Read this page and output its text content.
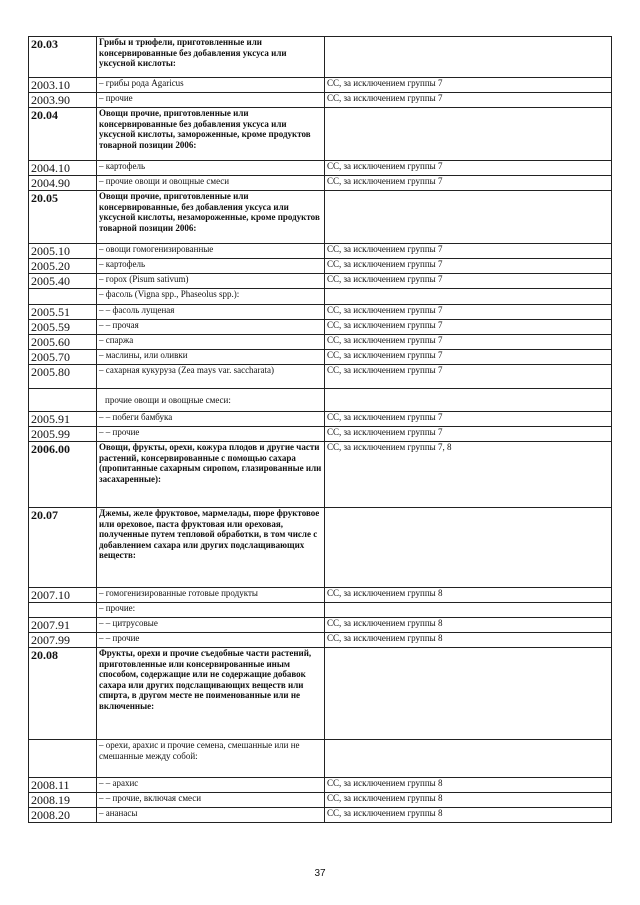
20.03	Грибы и трюфели, приготовленные или консервированные без добавления уксуса или уксусной кислоты:	
2003.10	– грибы рода Agaricus	СС, за исключением группы 7
2003.90	– прочие	СС, за исключением группы 7
20.04	Овощи прочие, приготовленные или консервированные без добавления уксуса или уксусной кислоты, замороженные, кроме продуктов товарной позиции 2006:	
2004.10	– картофель	СС, за исключением группы 7
2004.90	– прочие овощи и овощные смеси	СС, за исключением группы 7
20.05	Овощи прочие, приготовленные или консервированные, без добавления уксуса или уксусной кислоты, незамороженные, кроме продуктов товарной позиции 2006:	
2005.10	– овощи гомогенизированные	СС, за исключением группы 7
2005.20	– картофель	СС, за исключением группы 7
2005.40	– горох (Pisum sativum)	СС, за исключением группы 7
	– фасоль (Vigna spp., Phaseolus spp.):	
2005.51	– – фасоль лущеная	СС, за исключением группы 7
2005.59	– – прочая	СС, за исключением группы 7
2005.60	– спаржа	СС, за исключением группы 7
2005.70	– маслины, или оливки	СС, за исключением группы 7
2005.80	– сахарная кукуруза (Zea mays var. saccharata)	СС, за исключением группы 7
	прочие овощи и овощные смеси:	
2005.91	– – побеги бамбука	СС, за исключением группы 7
2005.99	– – прочие	СС, за исключением группы 7
2006.00	Овощи, фрукты, орехи, кожура плодов и другие части растений, консервированные с помощью сахара (пропитанные сахарным сиропом, глазированные или засахаренные):	СС, за исключением группы 7, 8
20.07	Джемы, желе фруктовое, мармелады, пюре фруктовое или ореховое, паста фруктовая или ореховая, полученные путем тепловой обработки, в том числе с добавлением сахара или других подслащивающих веществ:	
2007.10	– гомогенизированные готовые продукты	СС, за исключением группы 8
	– прочие:	
2007.91	– – цитрусовые	СС, за исключением группы 8
2007.99	– – прочие	СС, за исключением группы 8
20.08	Фрукты, орехи и прочие съедобные части растений, приготовленные или консервированные иным способом, содержащие или не содержащие добавок сахара или других подслащивающих веществ или спирта, в другом месте не поименованные или не включенные:	
	– орехи, арахис и прочие семена, смешанные или не смешанные между собой:	
2008.11	– – арахис	СС, за исключением группы 8
2008.19	– – прочие, включая смеси	СС, за исключением группы 8
2008.20	– ананасы	СС, за исключением группы 8
37
